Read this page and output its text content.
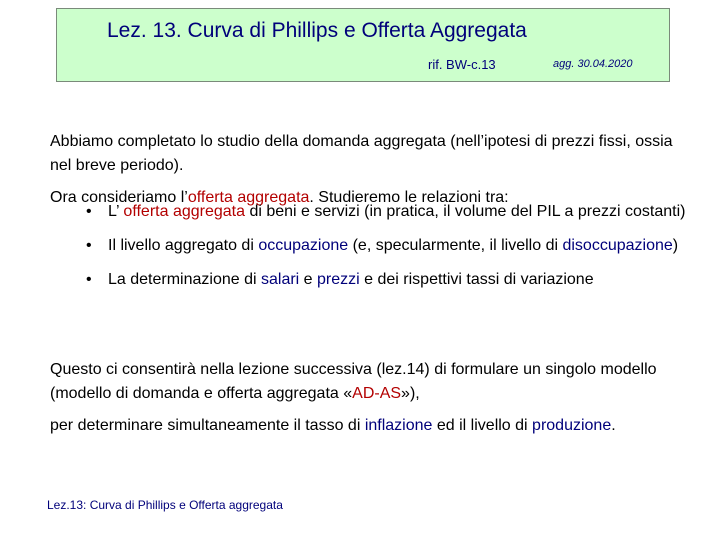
Lez. 13. Curva di Phillips e Offerta Aggregata
rif. BW-c.13	agg. 30.04.2020

Abbiamo completato lo studio della domanda aggregata (nell’ipotesi di prezzi fissi, ossia nel breve periodo).

Ora consideriamo l’offerta aggregata. Studieremo le relazioni tra:

• L’ offerta aggregata di beni e servizi (in pratica, il volume del PIL a prezzi costanti)
• Il livello aggregato di occupazione (e, specularmente, il livello di disoccupazione)
• La determinazione di salari e prezzi e dei rispettivi tassi di variazione

Questo ci consentirà nella lezione successiva (lez.14) di formulare un singolo modello (modello di domanda e offerta aggregata «AD-AS»),

per determinare simultaneamente il tasso di inflazione ed il livello di produzione.

Lez.13: Curva di Phillips e Offerta aggregata
